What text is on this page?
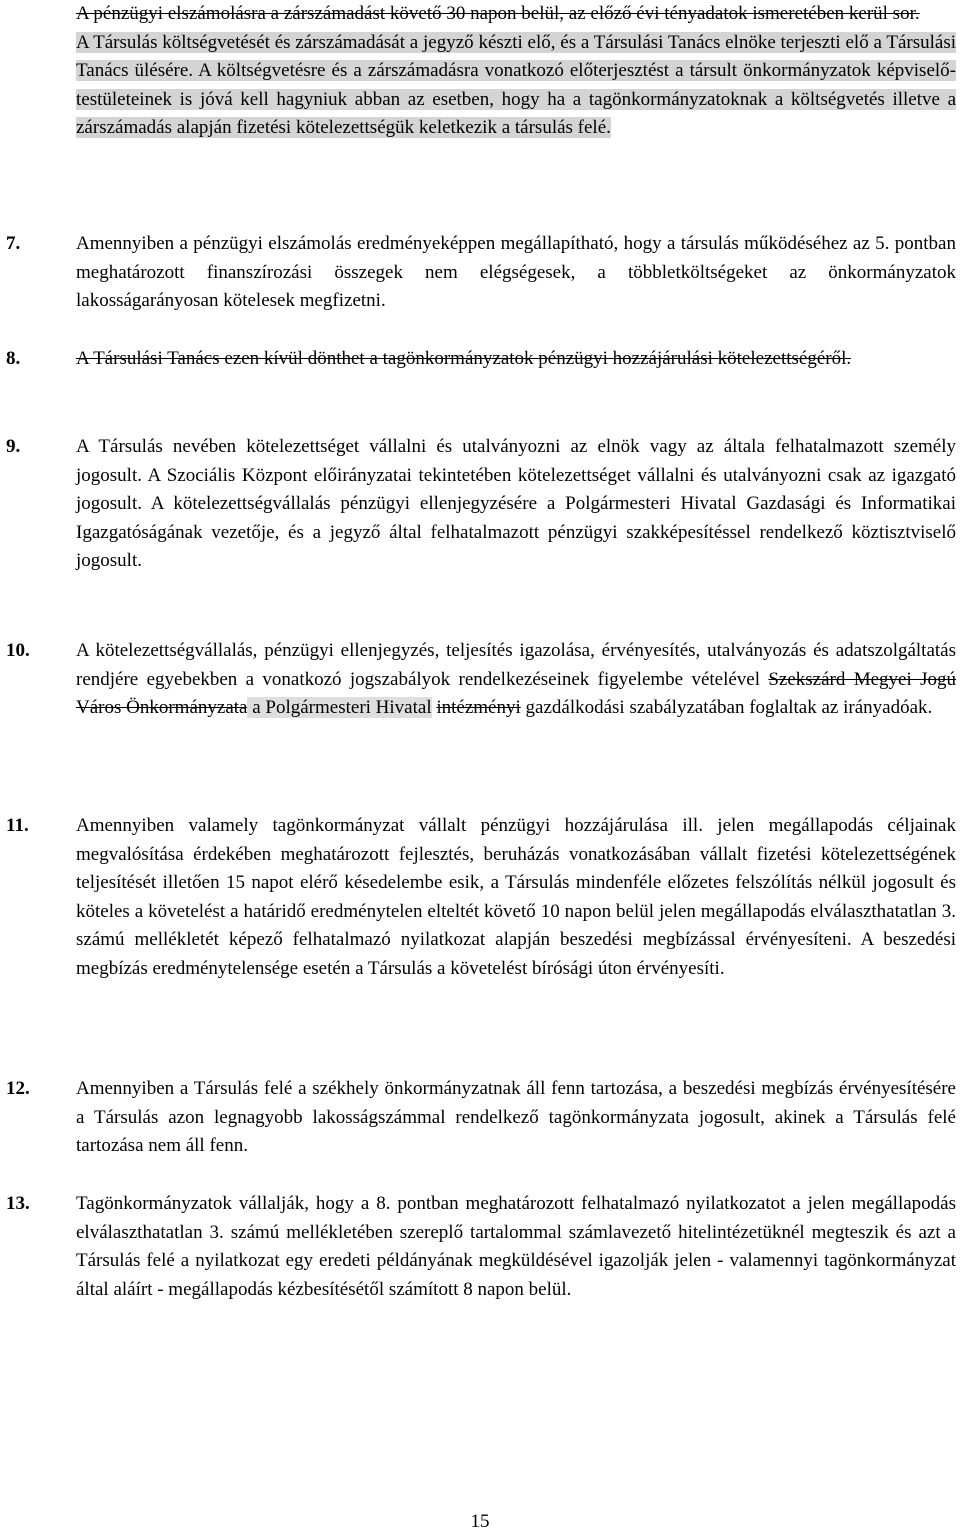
A pénzügyi elszámolásra a zárszámadást követő 30 napon belül, az előző évi tényadatok ismeretében kerül sor.
A Társulás költségvetését és zárszámadását a jegyző készti elő, és a Társulási Tanács elnöke terjeszti elő a Társulási Tanács ülésére. A költségvetésre és a zárszámadásra vonatkozó előterjesztést a társult önkormányzatok képviselő-testületeinek is jóvá kell hagyniuk abban az esetben, hogy ha a tagönkormányzatoknak a költségvetés illetve a zárszámadás alapján fizetési kötelezettségük keletkezik a társulás felé.
7.	Amennyiben a pénzügyi elszámolás eredményeképpen megállapítható, hogy a társulás működéséhez az 5. pontban meghatározott finanszírozási összegek nem elégségesek, a többletköltségeket az önkormányzatok lakosságarányosan kötelesek megfizetni.
8.	A Társulási Tanács ezen kívül dönthet a tagönkormányzatok pénzügyi hozzájárulási kötelezettségéről.
9.	A Társulás nevében kötelezettséget vállalni és utalványozni az elnök vagy az általa felhatalmazott személy jogosult. A Szociális Központ előirányzatai tekintetében kötelezettséget vállalni és utalványozni csak az igazgató jogosult. A kötelezettségvállalás pénzügyi ellenjegyzésére a Polgármesteri Hivatal Gazdasági és Informatikai Igazgatóságának vezetője, és a jegyző által felhatalmazott pénzügyi szakképesítéssel rendelkező köztisztviselő jogosult.
10. A kötelezettségvállalás, pénzügyi ellenjegyzés, teljesítés igazolása, érvényesítés, utalványozás és adatszolgáltatás rendjére egyebekben a vonatkozó jogszabályok rendelkezéseinek figyelembe vételével Szekszárd Megyei Jogú Város Önkormányzata a Polgármesteri Hivatal intézményi gazdálkodási szabályzatában foglaltak az irányadóak.
11. Amennyiben valamely tagönkormányzat vállalt pénzügyi hozzájárulása ill. jelen megállapodás céljainak megvalósítása érdekében meghatározott fejlesztés, beruházás vonatkozásában vállalt fizetési kötelezettségének teljesítését illetően 15 napot elérő késedelembe esik, a Társulás mindenféle előzetes felszólítás nélkül jogosult és köteles a követelést a határidő eredménytelen elteltét követő 10 napon belül jelen megállapodás elválaszthatatlan 3. számú mellékletét képező felhatalmazó nyilatkozat alapján beszedési megbízással érvényesíteni. A beszedési megbízás eredménytelensége esetén a Társulás a követelést bírósági úton érvényesíti.
12. Amennyiben a Társulás felé a székhely önkormányzatnak áll fenn tartozása, a beszedési megbízás érvényesítésére a Társulás azon legnagyobb lakosságszámmal rendelkező tagönkormányzata jogosult, akinek a Társulás felé tartozása nem áll fenn.
13. Tagönkormányzatok vállalják, hogy a 8. pontban meghatározott felhatalmazó nyilatkozatot a jelen megállapodás elválaszthatatlan 3. számú mellékletében szereplő tartalommal számlavezető hitelintézetüknél megteszik és azt a Társulás felé a nyilatkozat egy eredeti példányának megküldésével igazolják jelen - valamennyi tagönkormányzat által aláírt - megállapodás kézbesítésétől számított 8 napon belül.
15
